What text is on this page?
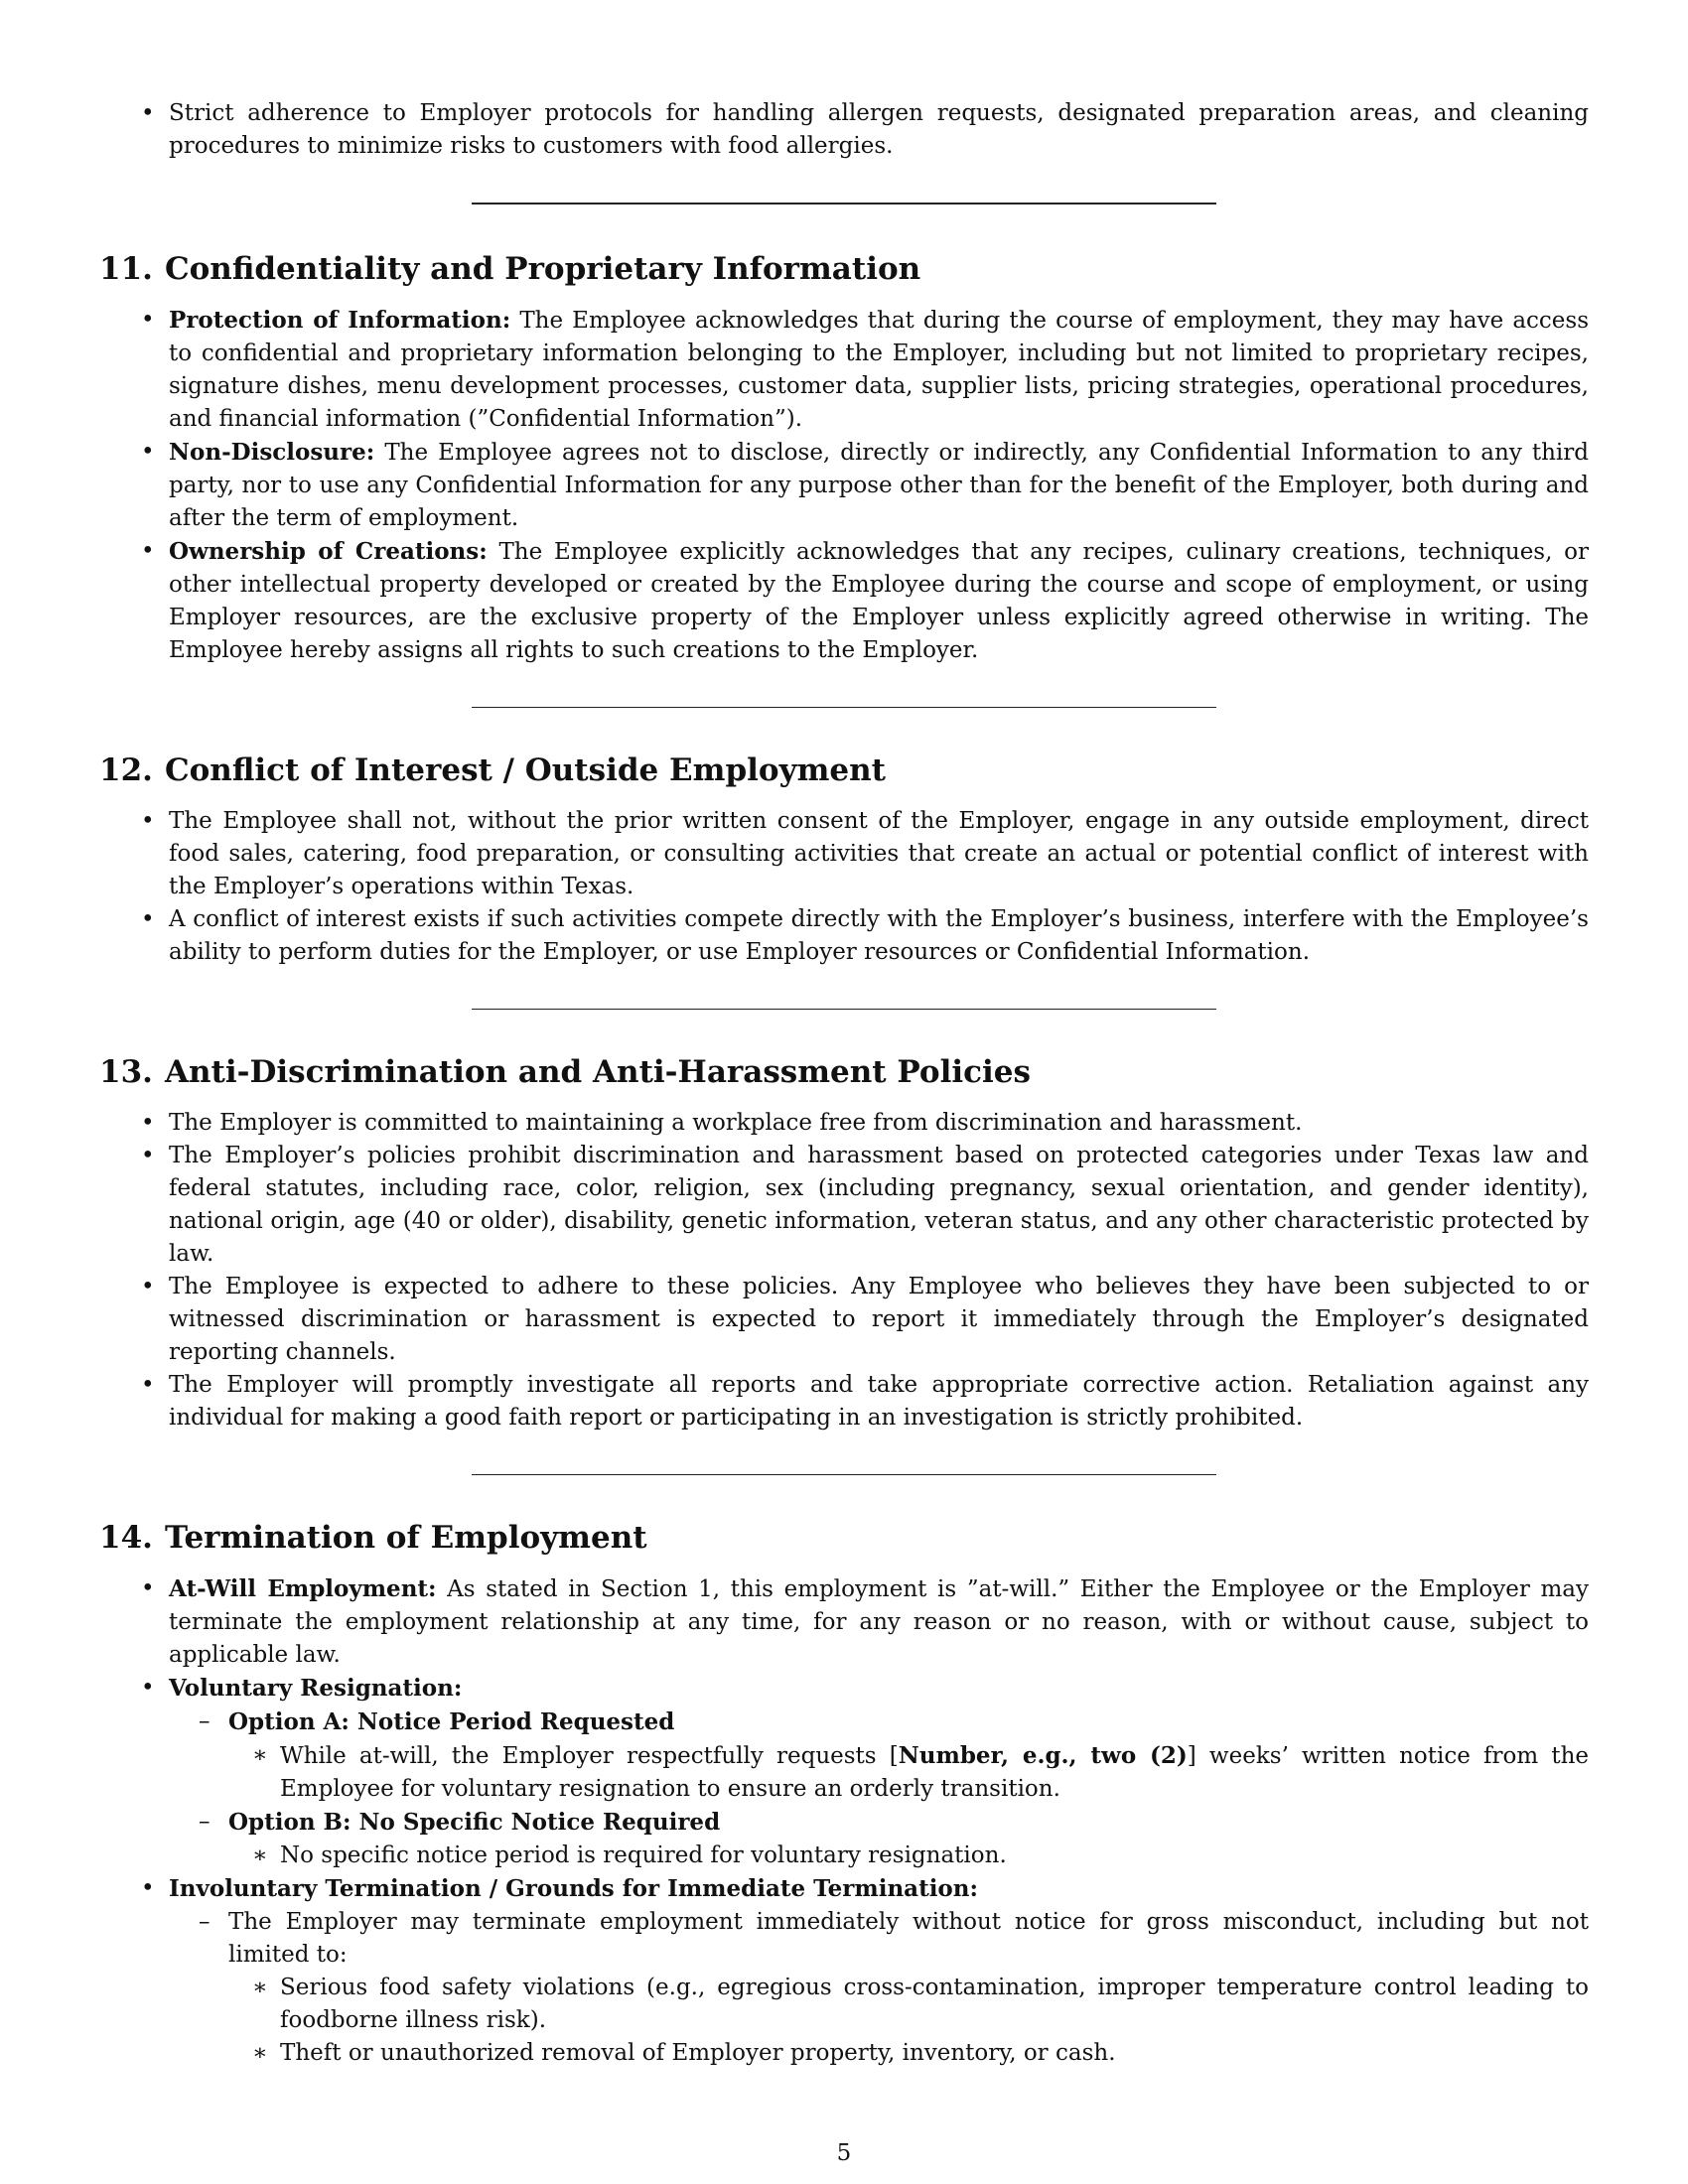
• Strict adherence to Employer protocols for handling allergen requests, designated preparation areas, and cleaning procedures to minimize risks to customers with food allergies.
11. Confidentiality and Proprietary Information
• Protection of Information: The Employee acknowledges that during the course of employment, they may have access to confidential and proprietary information belonging to the Employer, including but not limited to proprietary recipes, signature dishes, menu development processes, customer data, supplier lists, pricing strategies, operational procedures, and financial information (”Confidential Information”).
• Non-Disclosure: The Employee agrees not to disclose, directly or indirectly, any Confidential Information to any third party, nor to use any Confidential Information for any purpose other than for the benefit of the Employer, both during and after the term of employment.
• Ownership of Creations: The Employee explicitly acknowledges that any recipes, culinary creations, techniques, or other intellectual property developed or created by the Employee during the course and scope of employment, or using Employer resources, are the exclusive property of the Employer unless explicitly agreed otherwise in writing. The Employee hereby assigns all rights to such creations to the Employer.
12. Conflict of Interest / Outside Employment
• The Employee shall not, without the prior written consent of the Employer, engage in any outside employment, direct food sales, catering, food preparation, or consulting activities that create an actual or potential conflict of interest with the Employer’s operations within Texas.
• A conflict of interest exists if such activities compete directly with the Employer’s business, interfere with the Employee’s ability to perform duties for the Employer, or use Employer resources or Confidential Information.
13. Anti-Discrimination and Anti-Harassment Policies
• The Employer is committed to maintaining a workplace free from discrimination and harassment.
• The Employer’s policies prohibit discrimination and harassment based on protected categories under Texas law and federal statutes, including race, color, religion, sex (including pregnancy, sexual orientation, and gender identity), national origin, age (40 or older), disability, genetic information, veteran status, and any other characteristic protected by law.
• The Employee is expected to adhere to these policies. Any Employee who believes they have been subjected to or witnessed discrimination or harassment is expected to report it immediately through the Employer’s designated reporting channels.
• The Employer will promptly investigate all reports and take appropriate corrective action. Retaliation against any individual for making a good faith report or participating in an investigation is strictly prohibited.
14. Termination of Employment
• At-Will Employment: As stated in Section 1, this employment is ”at-will.” Either the Employee or the Employer may terminate the employment relationship at any time, for any reason or no reason, with or without cause, subject to applicable law.
• Voluntary Resignation:
– Option A: Notice Period Requested
∗ While at-will, the Employer respectfully requests [Number, e.g., two (2)] weeks’ written notice from the Employee for voluntary resignation to ensure an orderly transition.
– Option B: No Specific Notice Required
∗ No specific notice period is required for voluntary resignation.
• Involuntary Termination / Grounds for Immediate Termination:
– The Employer may terminate employment immediately without notice for gross misconduct, including but not limited to:
∗ Serious food safety violations (e.g., egregious cross-contamination, improper temperature control leading to foodborne illness risk).
∗ Theft or unauthorized removal of Employer property, inventory, or cash.
5
